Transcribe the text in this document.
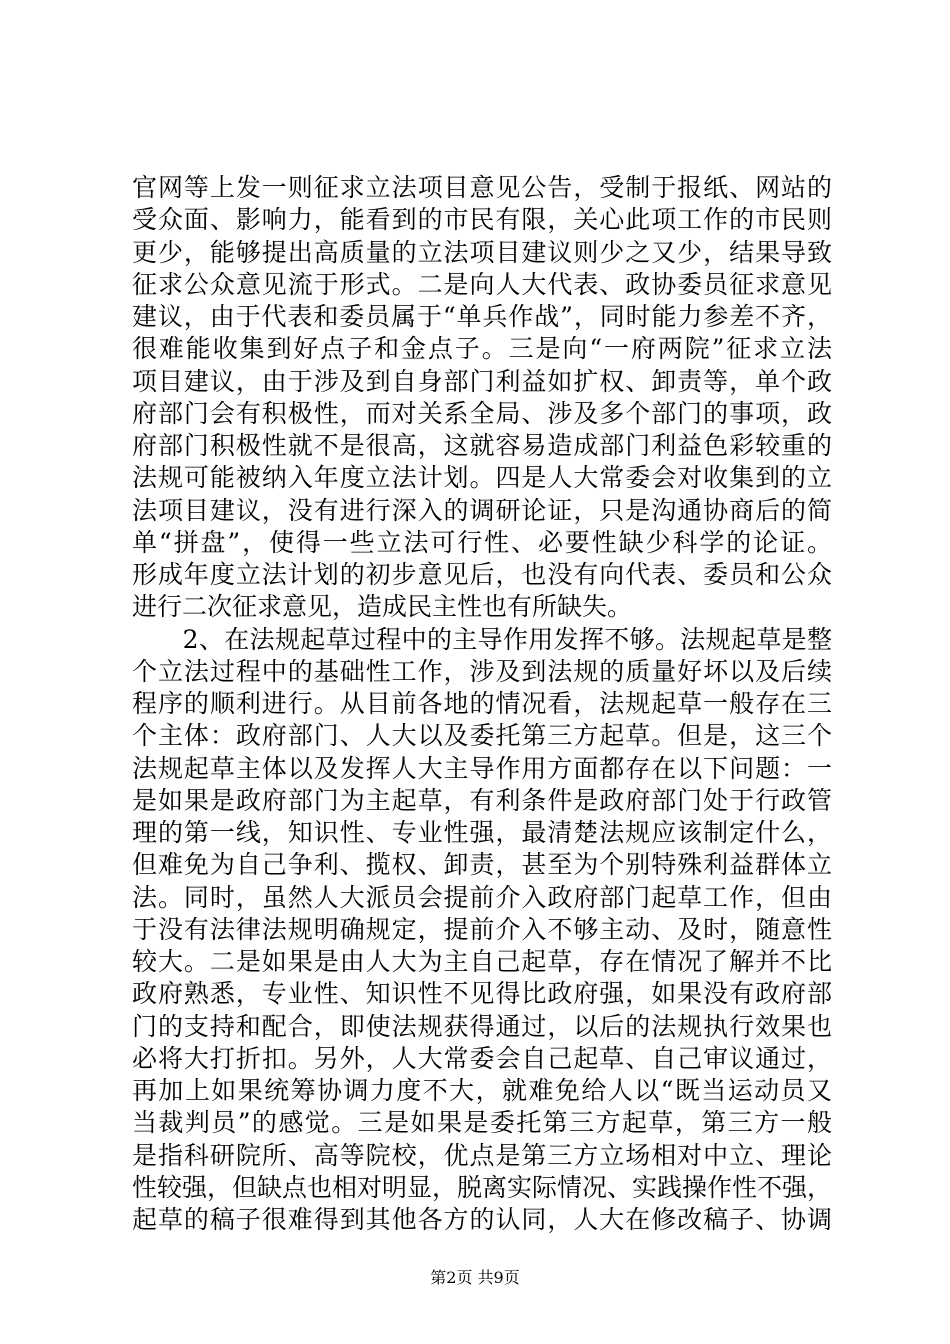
官网等上发一则征求立法项目意见公告，受制于报纸、网站的
受众面、影响力，能看到的市民有限，关心此项工作的市民则
更少，能够提出高质量的立法项目建议则少之又少，结果导致
征求公众意见流于形式。二是向人大代表、政协委员征求意见
建议，由于代表和委员属于“单兵作战”，同时能力参差不齐，
很难能收集到好点子和金点子。三是向“一府两院”征求立法
项目建议，由于涉及到自身部门利益如扩权、卸责等，单个政
府部门会有积极性，而对关系全局、涉及多个部门的事项，政
府部门积极性就不是很高，这就容易造成部门利益色彩较重的
法规可能被纳入年度立法计划。四是人大常委会对收集到的立
法项目建议，没有进行深入的调研论证，只是沟通协商后的简
单“拼盘”，使得一些立法可行性、必要性缺少科学的论证。
形成年度立法计划的初步意见后，也没有向代表、委员和公众
进行二次征求意见，造成民主性也有所缺失。
　　2、在法规起草过程中的主导作用发挥不够。法规起草是整
个立法过程中的基础性工作，涉及到法规的质量好坏以及后续
程序的顺利进行。从目前各地的情况看，法规起草一般存在三
个主体：政府部门、人大以及委托第三方起草。但是，这三个
法规起草主体以及发挥人大主导作用方面都存在以下问题：一
是如果是政府部门为主起草，有利条件是政府部门处于行政管
理的第一线，知识性、专业性强，最清楚法规应该制定什么，
但难免为自己争利、揽权、卸责，甚至为个别特殊利益群体立
法。同时，虽然人大派员会提前介入政府部门起草工作，但由
于没有法律法规明确规定，提前介入不够主动、及时，随意性
较大。二是如果是由人大为主自己起草，存在情况了解并不比
政府熟悉，专业性、知识性不见得比政府强，如果没有政府部
门的支持和配合，即使法规获得通过，以后的法规执行效果也
必将大打折扣。另外，人大常委会自己起草、自己审议通过，
再加上如果统筹协调力度不大，就难免给人以“既当运动员又
当裁判员”的感觉。三是如果是委托第三方起草，第三方一般
是指科研院所、高等院校，优点是第三方立场相对中立、理论
性较强，但缺点也相对明显，脱离实际情况、实践操作性不强，
起草的稿子很难得到其他各方的认同，人大在修改稿子、协调
第2页 共9页
